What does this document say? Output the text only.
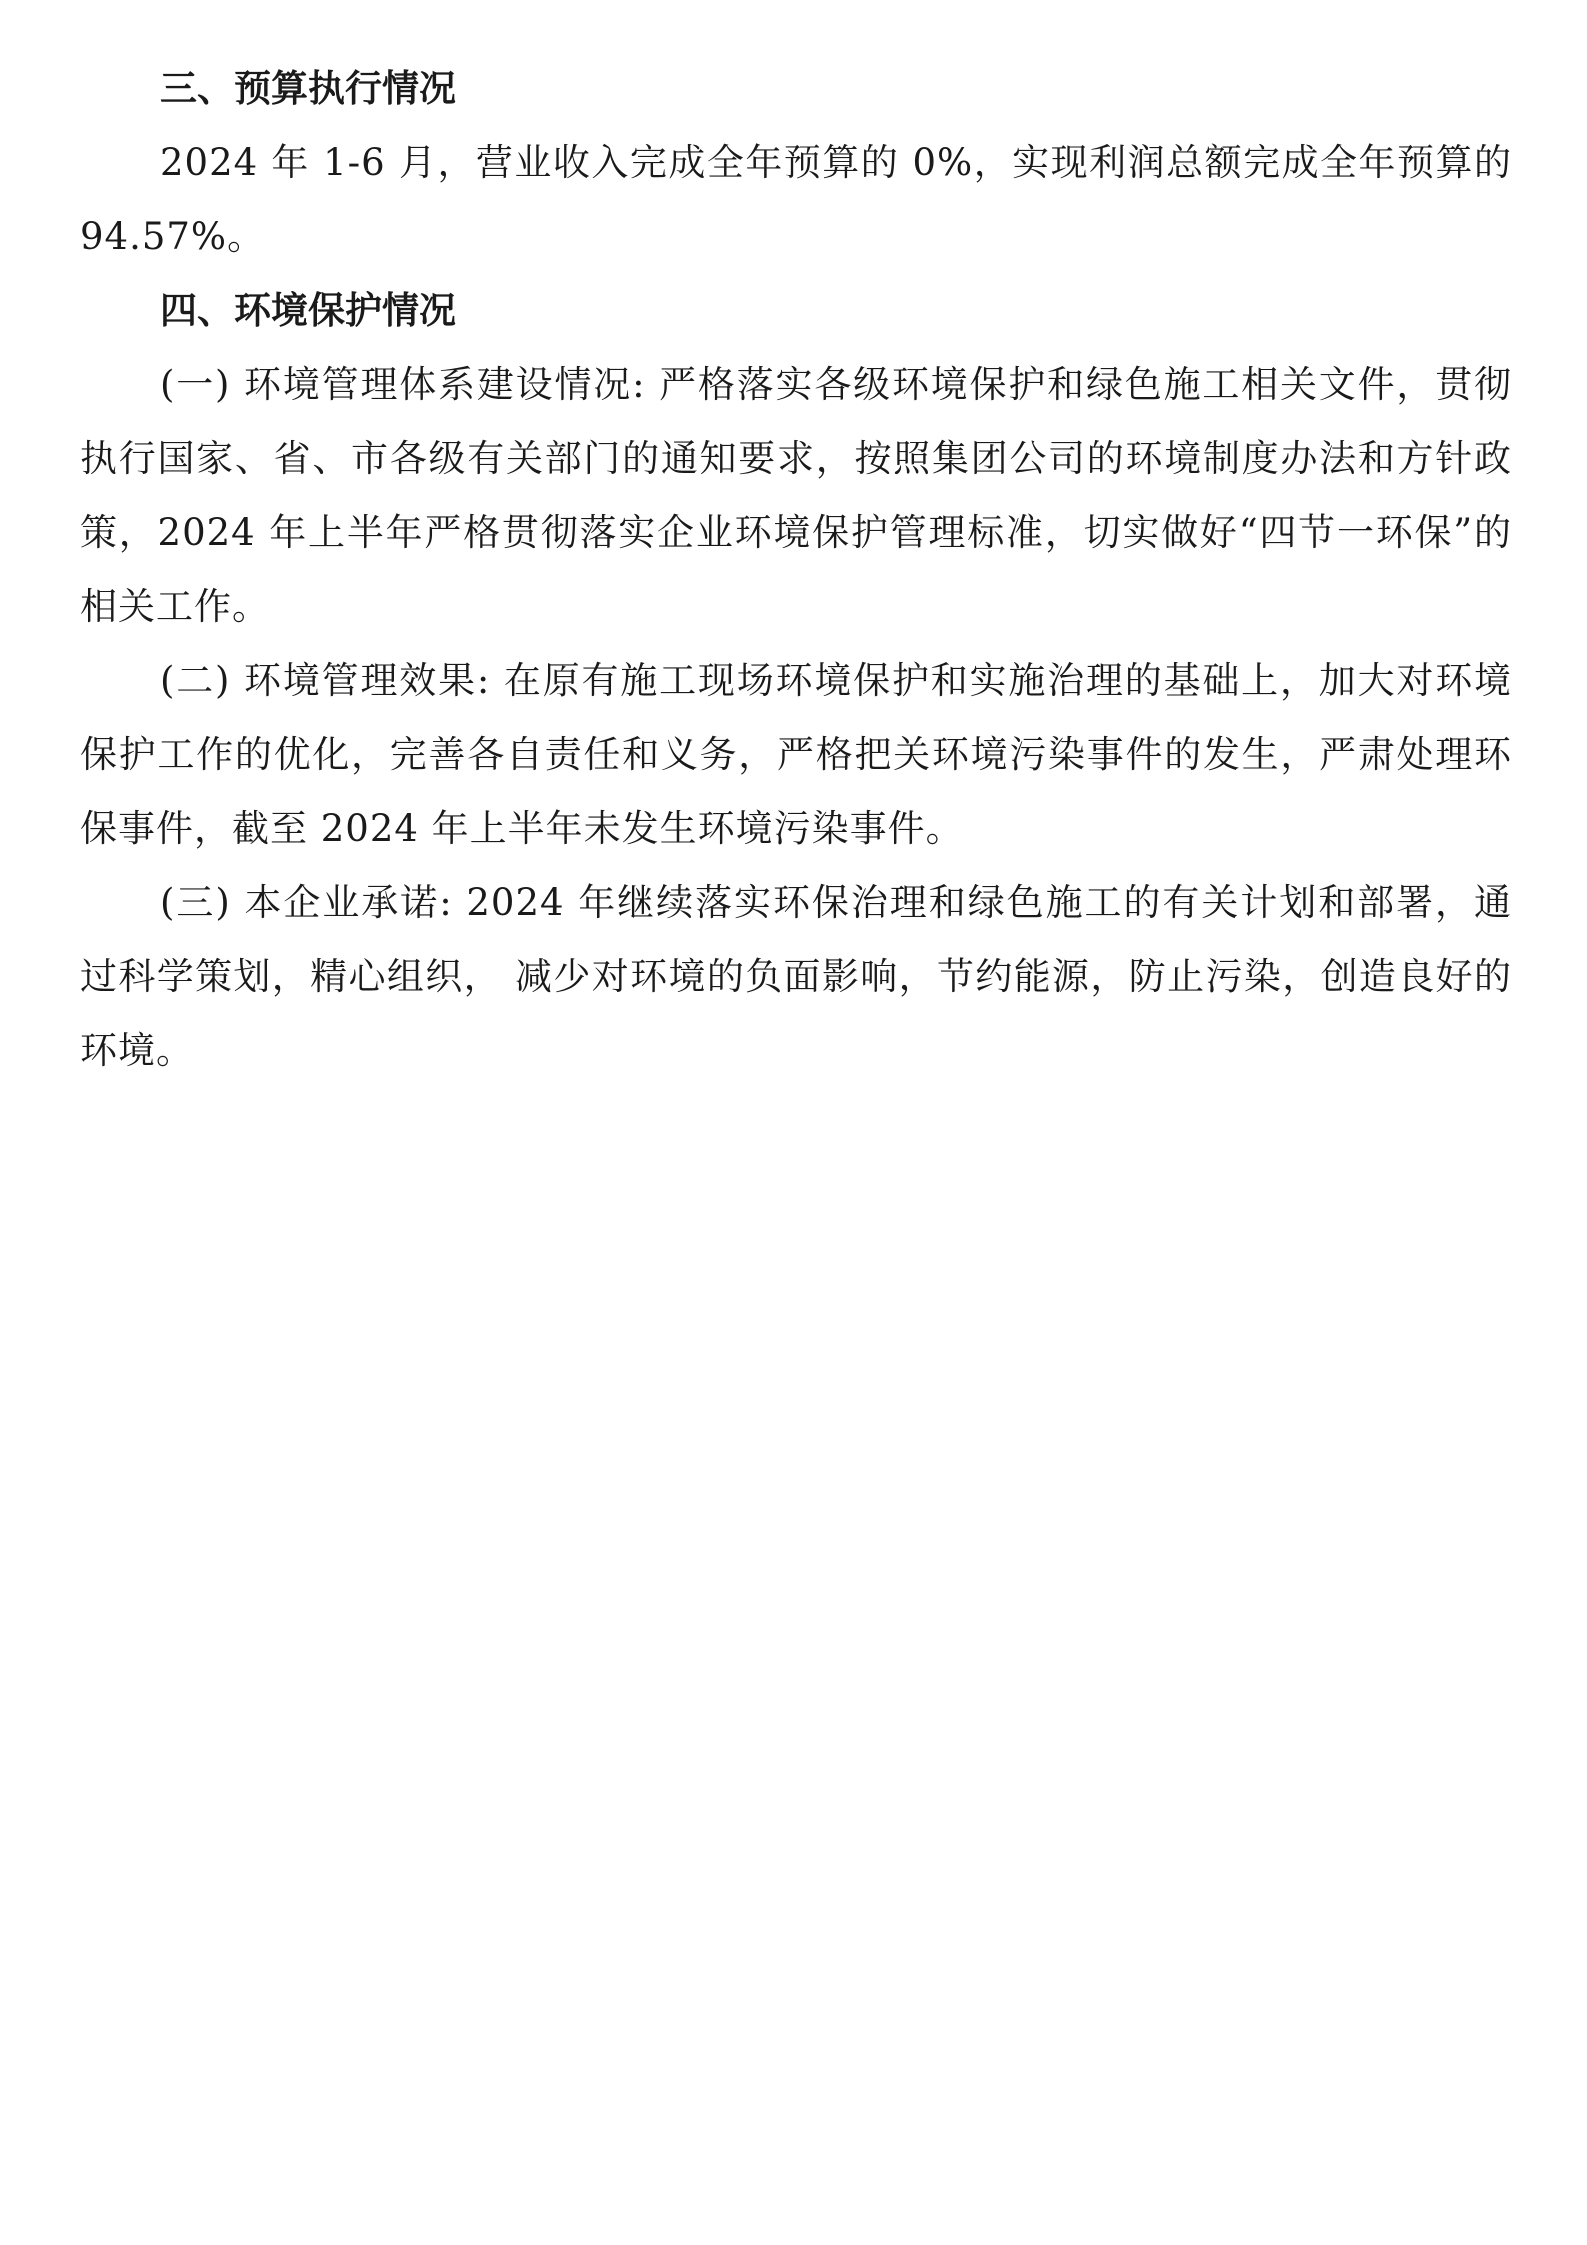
三、预算执行情况

2024 年 1-6 月，营业收入完成全年预算的 0%，实现利润总额完成全年预算的 94.57%。

四、环境保护情况

(一) 环境管理体系建设情况: 严格落实各级环境保护和绿色施工相关文件，贯彻执行国家、省、市各级有关部门的通知要求，按照集团公司的环境制度办法和方针政策，2024 年上半年严格贯彻落实企业环境保护管理标准，切实做好“四节一环保”的相关工作。

(二) 环境管理效果: 在原有施工现场环境保护和实施治理的基础上，加大对环境保护工作的优化，完善各自责任和义务，严格把关环境污染事件的发生，严肃处理环保事件，截至 2024 年上半年未发生环境污染事件。

(三) 本企业承诺: 2024 年继续落实环保治理和绿色施工的有关计划和部署，通过科学策划，精心组织， 减少对环境的负面影响，节约能源，防止污染，创造良好的环境。
